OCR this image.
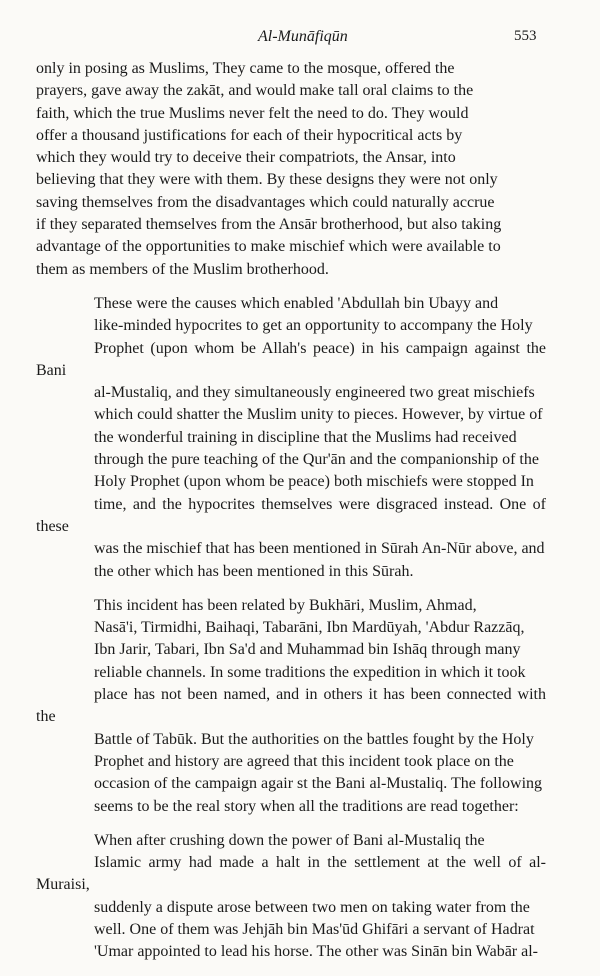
Al-Munāfiqūn	553

only in posing as Muslims, They came to the mosque, offered the
prayers, gave away the zakāt, and would make tall oral claims to the
faith, which the true Muslims never felt the need to do. They would
offer a thousand justifications for each of their hypocritical acts by
which they would try to deceive their compatriots, the Ansar, into
believing that they were with them. By these designs they were not only
saving themselves from the disadvantages which could naturally accrue
if they separated themselves from the Ansār brotherhood, but also taking
advantage of the opportunities to make mischief which were available to
them as members of the Muslim brotherhood.

These were the causes which enabled 'Abdullah bin Ubayy and

like-minded hypocrites to get an opportunity to accompany the Holy
Prophet (upon whom be Allah's peace) in his campaign against the Bani
al-Mustaliq, and they simultaneously engineered two great mischiefs
which could shatter the Muslim unity to pieces. However, by virtue of
the wonderful training in discipline that the Muslims had received
through the pure teaching of the Qur'ān and the companionship of the
Holy Prophet (upon whom be peace) both mischiefs were stopped In
time, and the hypocrites themselves were disgraced instead. One of these
was the mischief that has been mentioned in Sūrah An-Nūr above, and
the other which has been mentioned in this Sūrah.

This incident has been related by Bukhāri, Muslim, Ahmad,

Nasā'i, Tirmidhi, Baihaqi, Tabarāni, Ibn Mardūyah, 'Abdur Razzāq,
Ibn Jarir, Tabari, Ibn Sa'd and Muhammad bin Ishāq through many
reliable channels. In some traditions the expedition in which it took
place has not been named, and in others it has been connected with the
Battle of Tabūk. But the authorities on the battles fought by the Holy
Prophet and history are agreed that this incident took place on the
occasion of the campaign agair st the Bani al-Mustaliq. The following
seems to be the real story when all the traditions are read together:

When after crushing down the power of Bani al-Mustaliq the

Islamic army had made a halt in the settlement at the well of al-Muraisi,
suddenly a dispute arose between two men on taking water from the
well. One of them was Jehjāh bin Mas'ūd Ghifāri a servant of Hadrat
'Umar appointed to lead his horse. The other was Sinān bin Wabār al-
